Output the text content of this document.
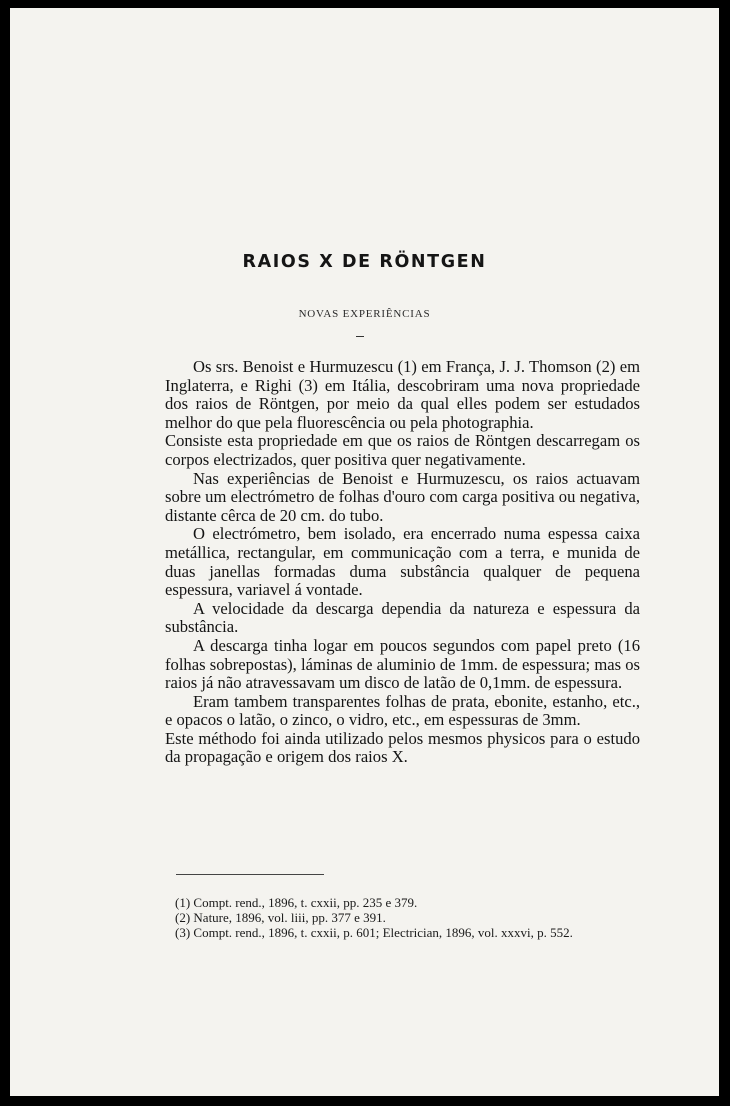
RAIOS X DE RÖNTGEN
NOVAS EXPERIÊNCIAS

Os srs. Benoist e Hurmuzescu (1) em França, J. J. Thomson (2) em Inglaterra, e Righi (3) em Itália, descobriram uma nova propriedade dos raios de Röntgen, por meio da qual elles podem ser estudados melhor do que pela fluorescência ou pela photographia.

Consiste esta propriedade em que os raios de Röntgen descarregam os corpos electrizados, quer positiva quer negativamente.

Nas experiências de Benoist e Hurmuzescu, os raios actuavam sobre um electrómetro de folhas d'ouro com carga positiva ou negativa, distante cêrca de 20 cm. do tubo.

O electrómetro, bem isolado, era encerrado numa espessa caixa metállica, rectangular, em communicação com a terra, e munida de duas janellas formadas duma substância qualquer de pequena espessura, variavel á vontade.

A velocidade da descarga dependia da natureza e espessura da substância.

A descarga tinha logar em poucos segundos com papel preto (16 folhas sobrepostas), láminas de aluminio de 1mm. de espessura; mas os raios já não atravessavam um disco de latão de 0,1mm. de espessura.

Eram tambem transparentes folhas de prata, ebonite, estanho, etc., e opacos o latão, o zinco, o vidro, etc., em espessuras de 3mm.

Este méthodo foi ainda utilizado pelos mesmos physicos para o estudo da propagação e origem dos raios X.

(1) Compt. rend., 1896, t. cxxii, pp. 235 e 379.

(2) Nature, 1896, vol. liii, pp. 377 e 391.

(3) Compt. rend., 1896, t. cxxii, p. 601; Electrician, 1896, vol. xxxvi, p. 552.
